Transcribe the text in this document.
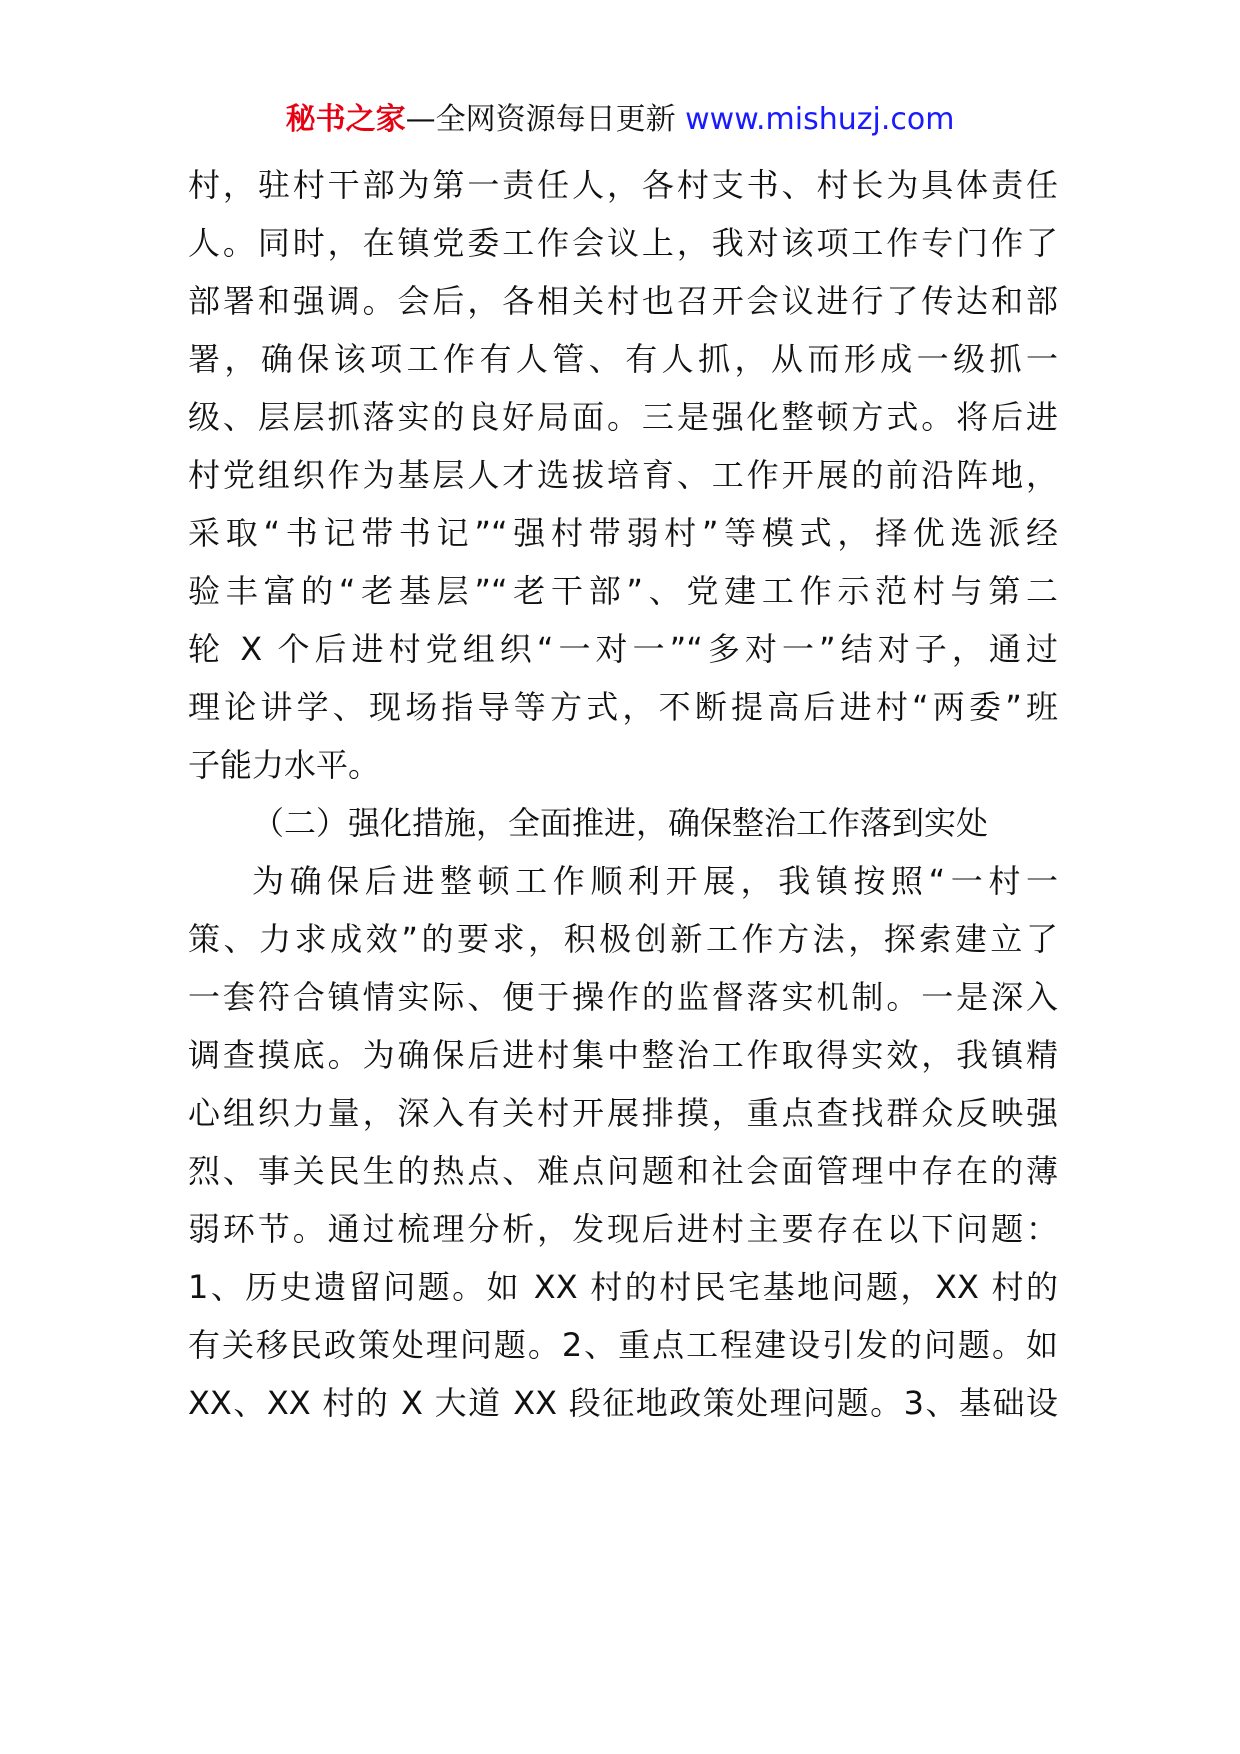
秘书之家—全网资源每日更新 www.mishuzj.com
村，驻村干部为第一责任人，各村支书、村长为具体责任
人。同时，在镇党委工作会议上，我对该项工作专门作了
部署和强调。会后，各相关村也召开会议进行了传达和部
署，确保该项工作有人管、有人抓，从而形成一级抓一
级、层层抓落实的良好局面。三是强化整顿方式。将后进
村党组织作为基层人才选拔培育、工作开展的前沿阵地，
采取“书记带书记”“强村带弱村”等模式，择优选派经
验丰富的“老基层”“老干部”、党建工作示范村与第二
轮 X 个后进村党组织“一对一”“多对一”结对子，通过
理论讲学、现场指导等方式，不断提高后进村“两委”班
子能力水平。
（二）强化措施，全面推进，确保整治工作落到实处
为确保后进整顿工作顺利开展，我镇按照“一村一
策、力求成效”的要求，积极创新工作方法，探索建立了
一套符合镇情实际、便于操作的监督落实机制。一是深入
调查摸底。为确保后进村集中整治工作取得实效，我镇精
心组织力量，深入有关村开展排摸，重点查找群众反映强
烈、事关民生的热点、难点问题和社会面管理中存在的薄
弱环节。通过梳理分析，发现后进村主要存在以下问题：
1、历史遗留问题。如 XX 村的村民宅基地问题，XX 村的
有关移民政策处理问题。2、重点工程建设引发的问题。如
XX、XX 村的 X 大道 XX 段征地政策处理问题。3、基础设
